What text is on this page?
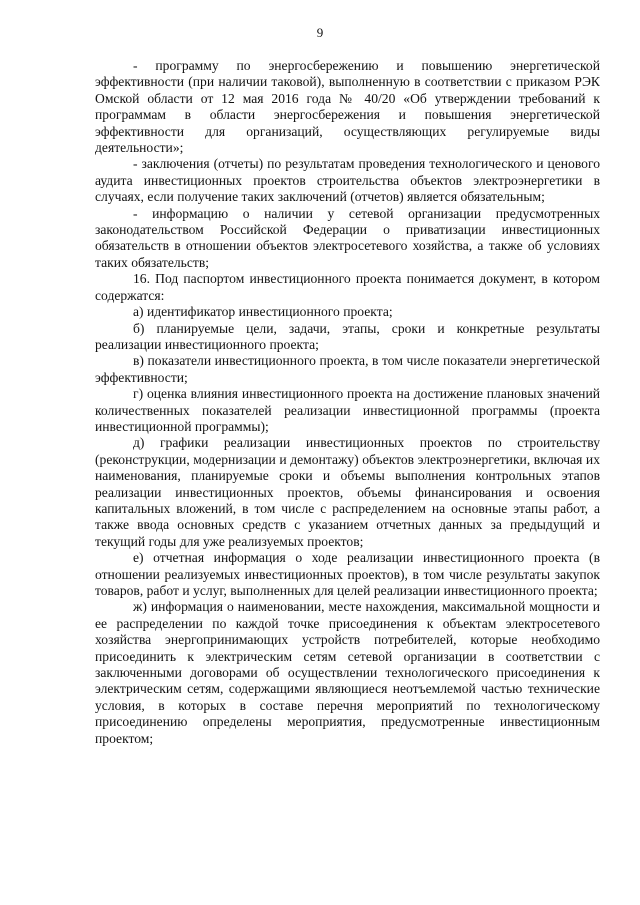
9

- программу по энергосбережению и повышению энергетической эффективности (при наличии таковой), выполненную в соответствии с приказом РЭК Омской области от 12 мая 2016 года № 40/20 «Об утверждении требований к программам в области энергосбережения и повышения энергетической эффективности для организаций, осуществляющих регулируемые виды деятельности»;

- заключения (отчеты) по результатам проведения технологического и ценового аудита инвестиционных проектов строительства объектов электроэнергетики в случаях, если получение таких заключений (отчетов) является обязательным;

- информацию о наличии у сетевой организации предусмотренных законодательством Российской Федерации о приватизации инвестиционных обязательств в отношении объектов электросетевого хозяйства, а также об условиях таких обязательств;

16. Под паспортом инвестиционного проекта понимается документ, в котором содержатся:

а) идентификатор инвестиционного проекта;

б) планируемые цели, задачи, этапы, сроки и конкретные результаты реализации инвестиционного проекта;

в) показатели инвестиционного проекта, в том числе показатели энергетической эффективности;

г) оценка влияния инвестиционного проекта на достижение плановых значений количественных показателей реализации инвестиционной программы (проекта инвестиционной программы);

д) графики реализации инвестиционных проектов по строительству (реконструкции, модернизации и демонтажу) объектов электроэнергетики, включая их наименования, планируемые сроки и объемы выполнения контрольных этапов реализации инвестиционных проектов, объемы финансирования и освоения капитальных вложений, в том числе с распределением на основные этапы работ, а также ввода основных средств с указанием отчетных данных за предыдущий и текущий годы для уже реализуемых проектов;

е) отчетная информация о ходе реализации инвестиционного проекта (в отношении реализуемых инвестиционных проектов), в том числе результаты закупок товаров, работ и услуг, выполненных для целей реализации инвестиционного проекта;

ж) информация о наименовании, месте нахождения, максимальной мощности и ее распределении по каждой точке присоединения к объектам электросетевого хозяйства энергопринимающих устройств потребителей, которые необходимо присоединить к электрическим сетям сетевой организации в соответствии с заключенными договорами об осуществлении технологического присоединения к электрическим сетям, содержащими являющиеся неотъемлемой частью технические условия, в которых в составе перечня мероприятий по технологическому присоединению определены мероприятия, предусмотренные инвестиционным проектом;
